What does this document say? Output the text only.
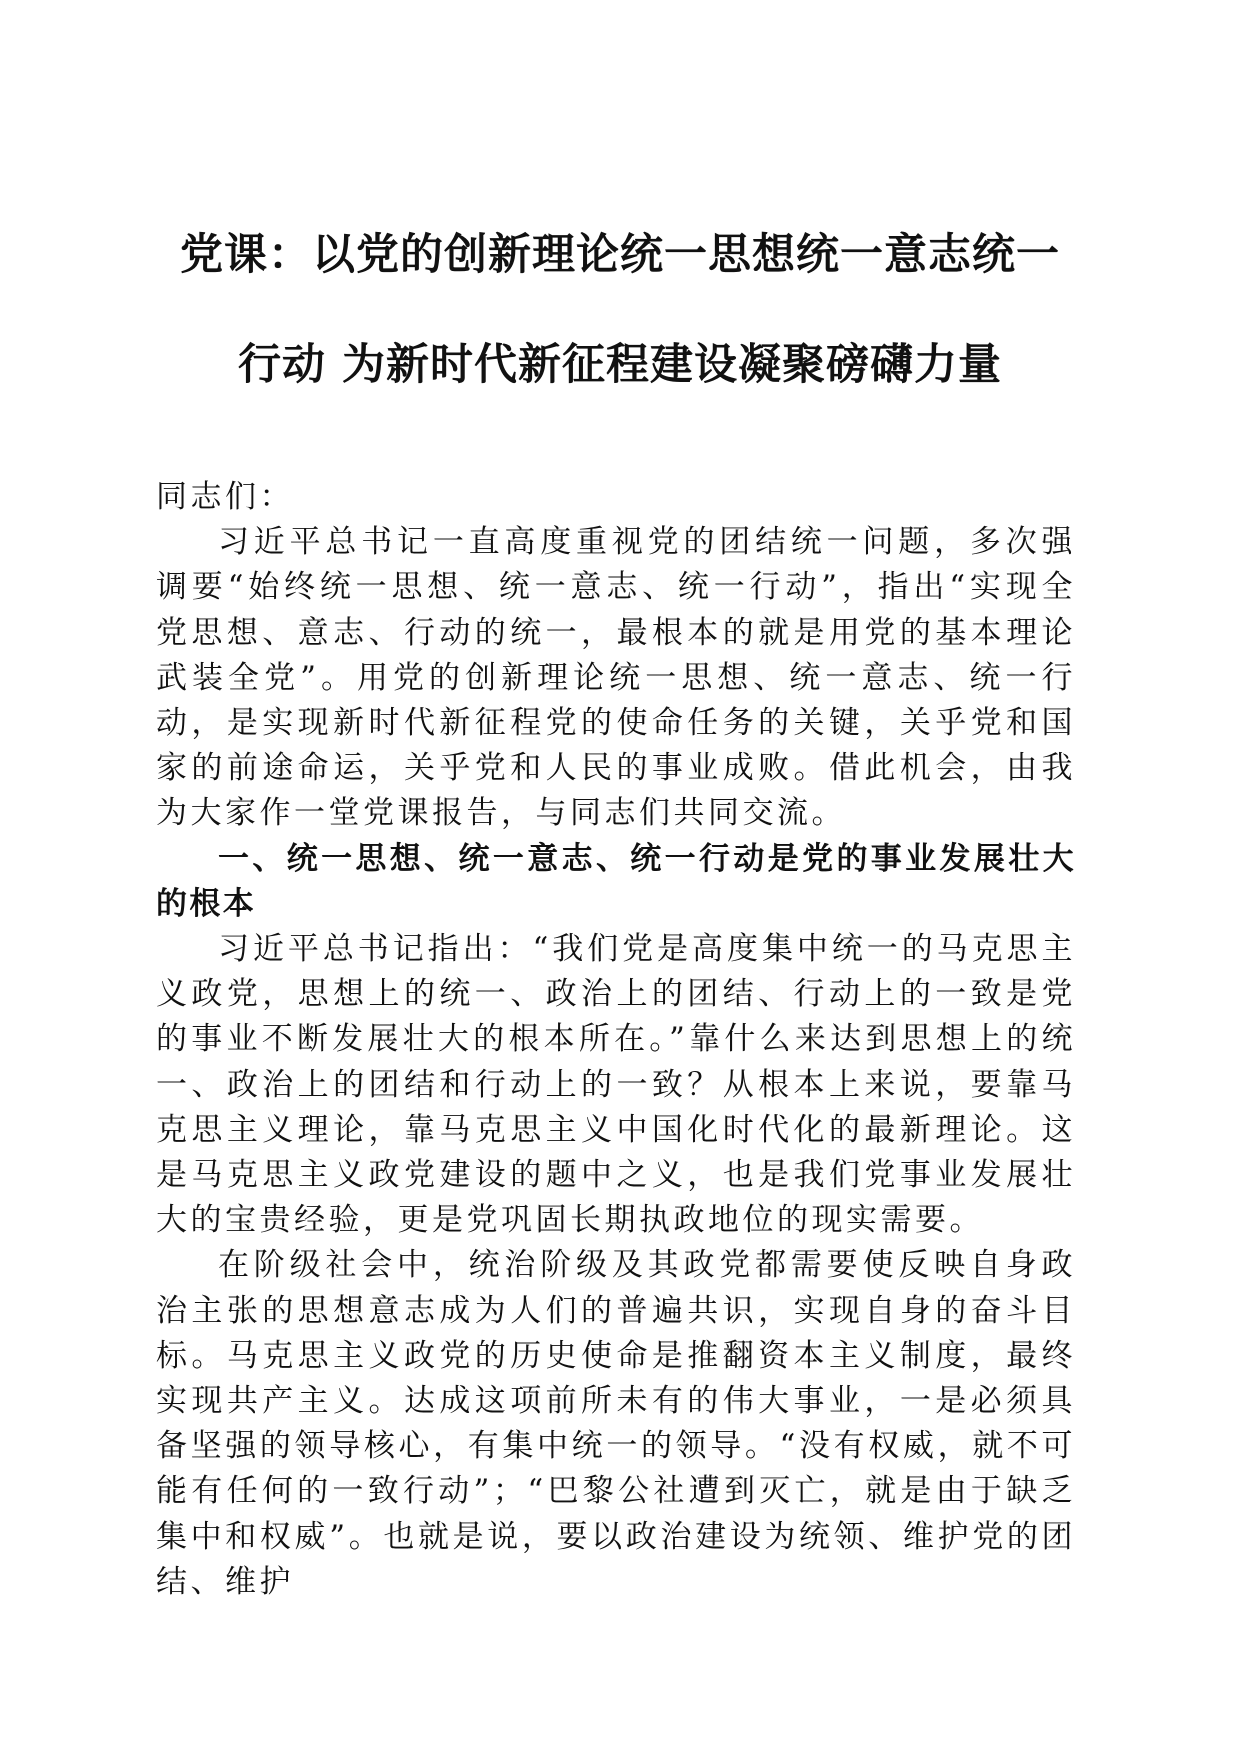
党课：以党的创新理论统一思想统一意志统一
行动 为新时代新征程建设凝聚磅礴力量

同志们：

习近平总书记一直高度重视党的团结统一问题，多次强调要“始终统一思想、统一意志、统一行动”，指出“实现全党思想、意志、行动的统一，最根本的就是用党的基本理论武装全党”。用党的创新理论统一思想、统一意志、统一行动，是实现新时代新征程党的使命任务的关键，关乎党和国家的前途命运，关乎党和人民的事业成败。借此机会，由我为大家作一堂党课报告，与同志们共同交流。

一、统一思想、统一意志、统一行动是党的事业发展壮大的根本

习近平总书记指出：“我们党是高度集中统一的马克思主义政党，思想上的统一、政治上的团结、行动上的一致是党的事业不断发展壮大的根本所在。”靠什么来达到思想上的统一、政治上的团结和行动上的一致？从根本上来说，要靠马克思主义理论，靠马克思主义中国化时代化的最新理论。这是马克思主义政党建设的题中之义，也是我们党事业发展壮大的宝贵经验，更是党巩固长期执政地位的现实需要。

在阶级社会中，统治阶级及其政党都需要使反映自身政治主张的思想意志成为人们的普遍共识，实现自身的奋斗目标。马克思主义政党的历史使命是推翻资本主义制度，最终实现共产主义。达成这项前所未有的伟大事业，一是必须具备坚强的领导核心，有集中统一的领导。“没有权威，就不可能有任何的一致行动”；“巴黎公社遭到灭亡，就是由于缺乏集中和权威”。也就是说，要以政治建设为统领、维护党的团结、维护
